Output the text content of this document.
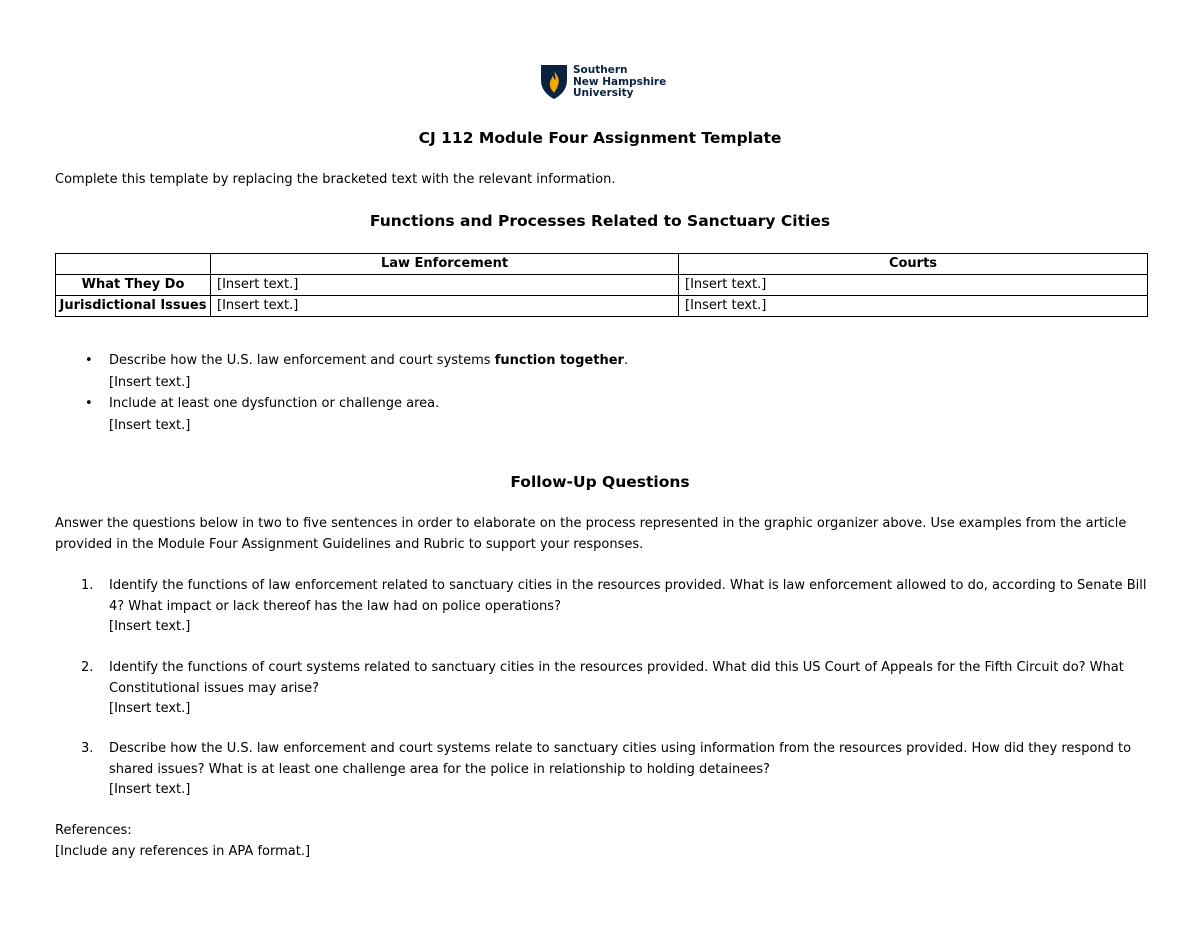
Southern
New Hampshire
University
CJ 112 Module Four Assignment Template
Complete this template by replacing the bracketed text with the relevant information.
Functions and Processes Related to Sanctuary Cities
	Law Enforcement	Courts
What They Do	[Insert text.]	[Insert text.]
Jurisdictional Issues	[Insert text.]	[Insert text.]
• Describe how the U.S. law enforcement and court systems function together.
[Insert text.]
• Include at least one dysfunction or challenge area.
[Insert text.]
Follow-Up Questions
Answer the questions below in two to five sentences in order to elaborate on the process represented in the graphic organizer above. Use examples from the article provided in the Module Four Assignment Guidelines and Rubric to support your responses.
1. Identify the functions of law enforcement related to sanctuary cities in the resources provided. What is law enforcement allowed to do, according to Senate Bill 4? What impact or lack thereof has the law had on police operations?
[Insert text.]
2. Identify the functions of court systems related to sanctuary cities in the resources provided. What did this US Court of Appeals for the Fifth Circuit do? What Constitutional issues may arise?
[Insert text.]
3. Describe how the U.S. law enforcement and court systems relate to sanctuary cities using information from the resources provided. How did they respond to shared issues? What is at least one challenge area for the police in relationship to holding detainees?
[Insert text.]
References:
[Include any references in APA format.]
